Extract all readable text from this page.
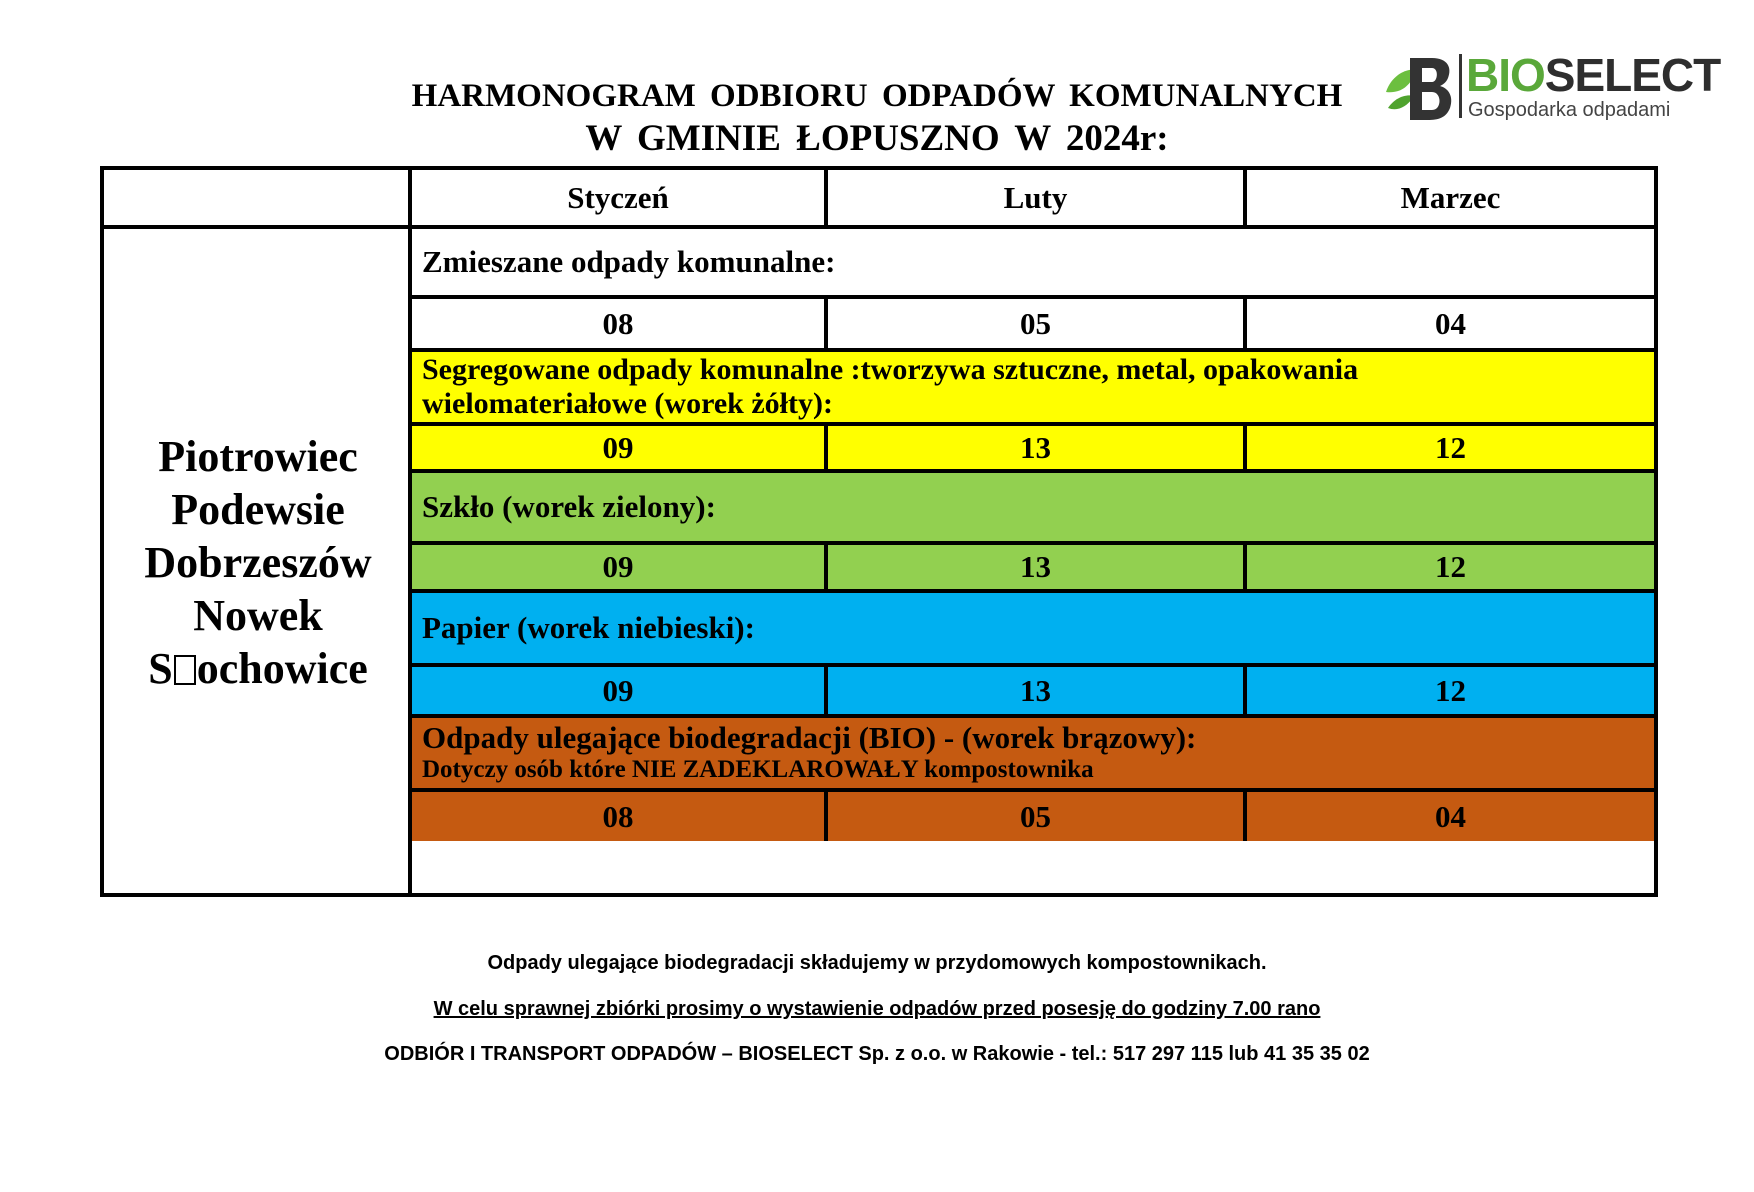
HARMONOGRAM ODBIORU ODPADÓW KOMUNALNYCH
W GMINIE ŁOPUSZNO W 2024r:
BIOSELECT
Gospodarka odpadami
Styczeń	Luty	Marzec
Piotrowiec
Podewsie
Dobrzeszów
Nowek
S ochowice
Zmieszane odpady komunalne:
08	05	04
Segregowane odpady komunalne :tworzywa sztuczne, metal, opakowania
wielomateriałowe (worek żółty):
09	13	12
Szkło (worek zielony):
09	13	12
Papier (worek niebieski):
09	13	12
Odpady ulegające biodegradacji (BIO) - (worek brązowy):
Dotyczy osób które NIE ZADEKLAROWAŁY kompostownika
08	05	04
Odpady ulegające biodegradacji składujemy w przydomowych kompostownikach.
W celu sprawnej zbiórki prosimy o wystawienie odpadów przed posesję do godziny 7.00 rano
ODBIÓR I TRANSPORT ODPADÓW – BIOSELECT Sp. z o.o. w Rakowie - tel.: 517 297 115 lub 41 35 35 02
